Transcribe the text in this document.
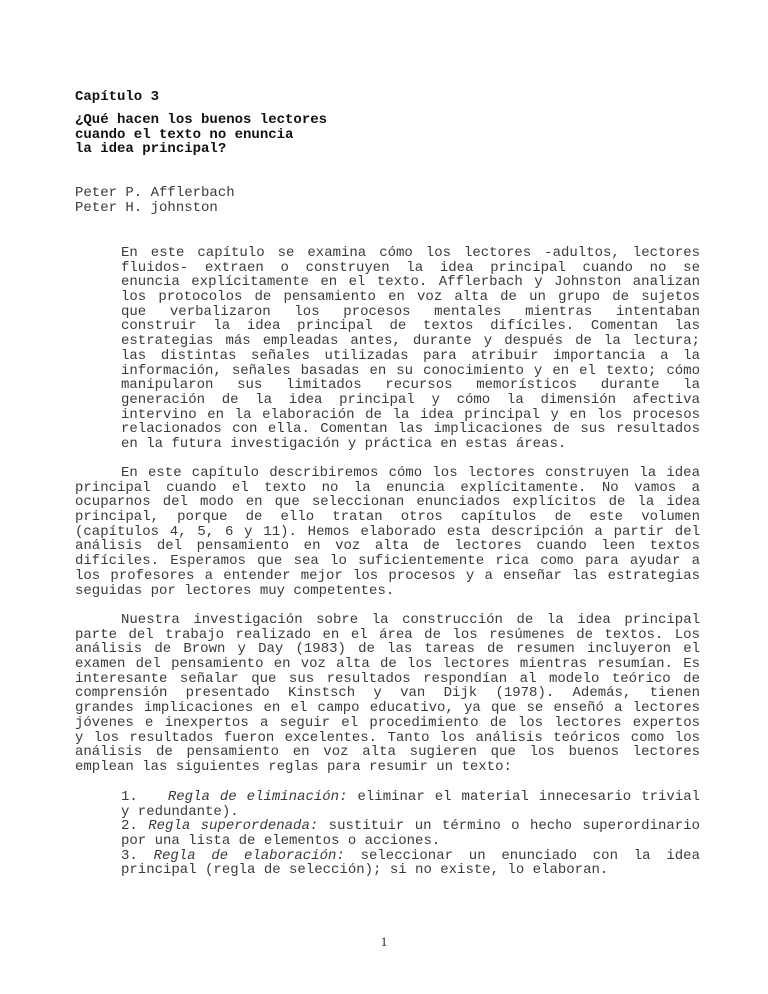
Capítulo 3
¿Qué hacen los buenos lectores
cuando el texto no enuncia
la idea principal?
Peter P. Afflerbach
Peter H. johnston
En este capítulo se examina cómo los lectores -adultos, lectores
fluidos- extraen o construyen la idea principal cuando no se
enuncia explícitamente en el texto. Afflerbach y Johnston analizan
los protocolos de pensamiento en voz alta de un grupo de sujetos
que verbalizaron los procesos mentales mientras intentaban
construir la idea principal de textos difíciles. Comentan las
estrategias más empleadas antes, durante y después de la lectura;
las distintas señales utilizadas para atribuir importancia a la
información, señales basadas en su conocimiento y en el texto; cómo
manipularon sus limitados recursos memorísticos durante la
generación de la idea principal y cómo la dimensión afectiva
intervino en la elaboración de la idea principal y en los procesos
relacionados con ella. Comentan las implicaciones de sus resultados
en la futura investigación y práctica en estas áreas.
En este capítulo describiremos cómo los lectores construyen la idea
principal cuando el texto no la enuncia explícitamente. No vamos a
ocuparnos del modo en que seleccionan enunciados explícitos de la idea
principal, porque de ello tratan otros capítulos de este volumen
(capítulos 4, 5, 6 y 11). Hemos elaborado esta descripción a partir del
análisis del pensamiento en voz alta de lectores cuando leen textos
difíciles. Esperamos que sea lo suficientemente rica como para ayudar a
los profesores a entender mejor los procesos y a enseñar las estrategias
seguidas por lectores muy competentes.
Nuestra investigación sobre la construcción de la idea principal
parte del trabajo realizado en el área de los resúmenes de textos. Los
análisis de Brown y Day (1983) de las tareas de resumen incluyeron el
examen del pensamiento en voz alta de los lectores mientras resumían. Es
interesante señalar que sus resultados respondían al modelo teórico de
comprensión presentado Kinstsch y van Dijk (1978). Además, tienen
grandes implicaciones en el campo educativo, ya que se enseñó a lectores
jóvenes e inexpertos a seguir el procedimiento de los lectores expertos
y los resultados fueron excelentes. Tanto los análisis teóricos como los
análisis de pensamiento en voz alta sugieren que los buenos lectores
emplean las siguientes reglas para resumir un texto:
1.   Regla de eliminación: eliminar el material innecesario trivial
y redundante).
2. Regla superordenada: sustituir un término o hecho superordinario
por una lista de elementos o acciones.
3. Regla de elaboración: seleccionar un enunciado con la idea
principal (regla de selección); si no existe, lo elaboran.
1
